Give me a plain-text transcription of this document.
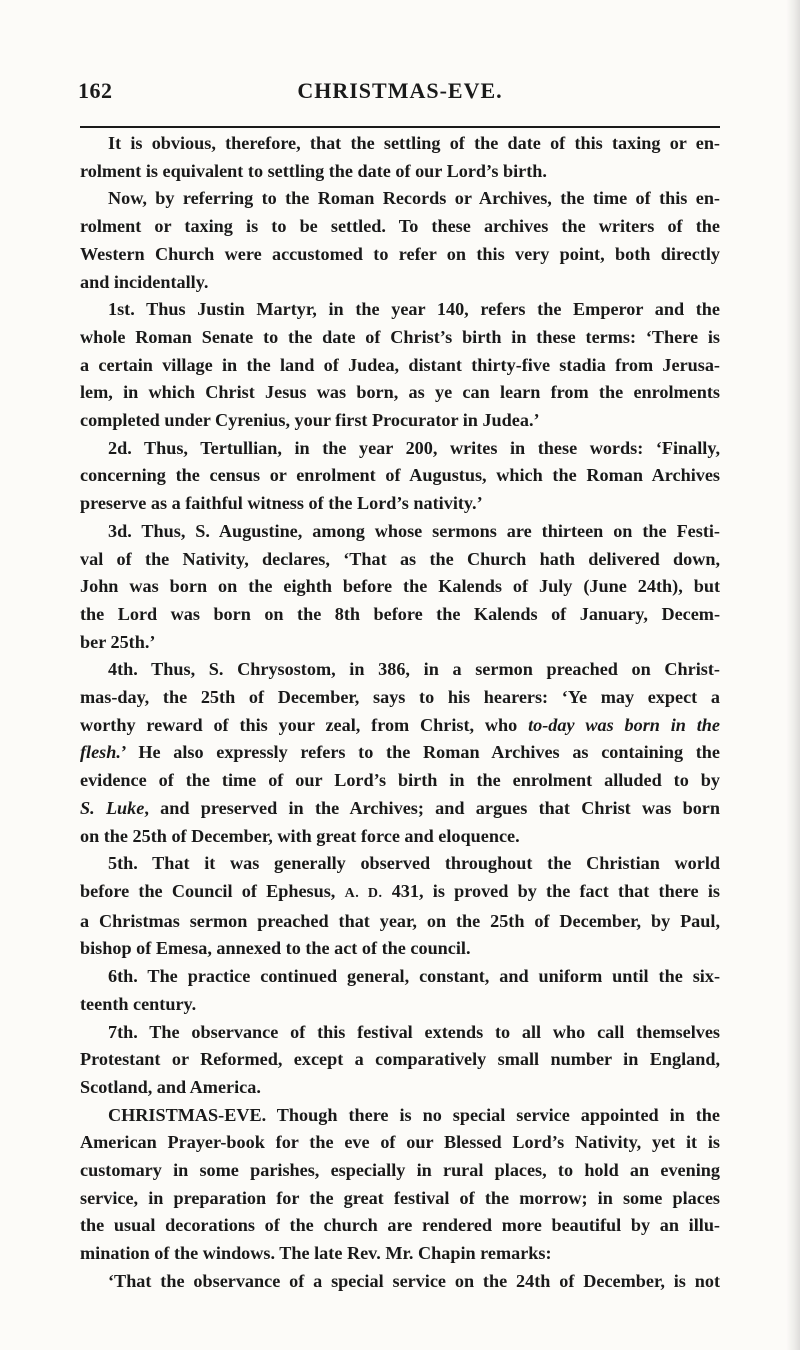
162	CHRISTMAS-EVE.

It is obvious, therefore, that the settling of the date of this taxing or en-
rolment is equivalent to settling the date of our Lord’s birth.

Now, by referring to the Roman Records or Archives, the time of this en-
rolment or taxing is to be settled. To these archives the writers of the
Western Church were accustomed to refer on this very point, both directly
and incidentally.

1st. Thus Justin Martyr, in the year 140, refers the Emperor and the
whole Roman Senate to the date of Christ’s birth in these terms: ‘There is
a certain village in the land of Judea, distant thirty-five stadia from Jerusa-
lem, in which Christ Jesus was born, as ye can learn from the enrolments
completed under Cyrenius, your first Procurator in Judea.’

2d. Thus, Tertullian, in the year 200, writes in these words: ‘Finally,
concerning the census or enrolment of Augustus, which the Roman Archives
preserve as a faithful witness of the Lord’s nativity.’

3d. Thus, S. Augustine, among whose sermons are thirteen on the Festi-
val of the Nativity, declares, ‘That as the Church hath delivered down,
John was born on the eighth before the Kalends of July (June 24th), but
the Lord was born on the 8th before the Kalends of January, Decem-
ber 25th.’

4th. Thus, S. Chrysostom, in 386, in a sermon preached on Christ-
mas-day, the 25th of December, says to his hearers: ‘Ye may expect a
worthy reward of this your zeal, from Christ, who to-day was born in the
flesh.’ He also expressly refers to the Roman Archives as containing the
evidence of the time of our Lord’s birth in the enrolment alluded to by
S. Luke, and preserved in the Archives; and argues that Christ was born
on the 25th of December, with great force and eloquence.

5th. That it was generally observed throughout the Christian world
before the Council of Ephesus, A. D. 431, is proved by the fact that there is
a Christmas sermon preached that year, on the 25th of December, by Paul,
bishop of Emesa, annexed to the act of the council.

6th. The practice continued general, constant, and uniform until the six-
teenth century.

7th. The observance of this festival extends to all who call themselves
Protestant or Reformed, except a comparatively small number in England,
Scotland, and America.

CHRISTMAS-EVE. Though there is no special service appointed in the
American Prayer-book for the eve of our Blessed Lord’s Nativity, yet it is
customary in some parishes, especially in rural places, to hold an evening
service, in preparation for the great festival of the morrow; in some places
the usual decorations of the church are rendered more beautiful by an illu-
mination of the windows. The late Rev. Mr. Chapin remarks:

‘That the observance of a special service on the 24th of December, is not
